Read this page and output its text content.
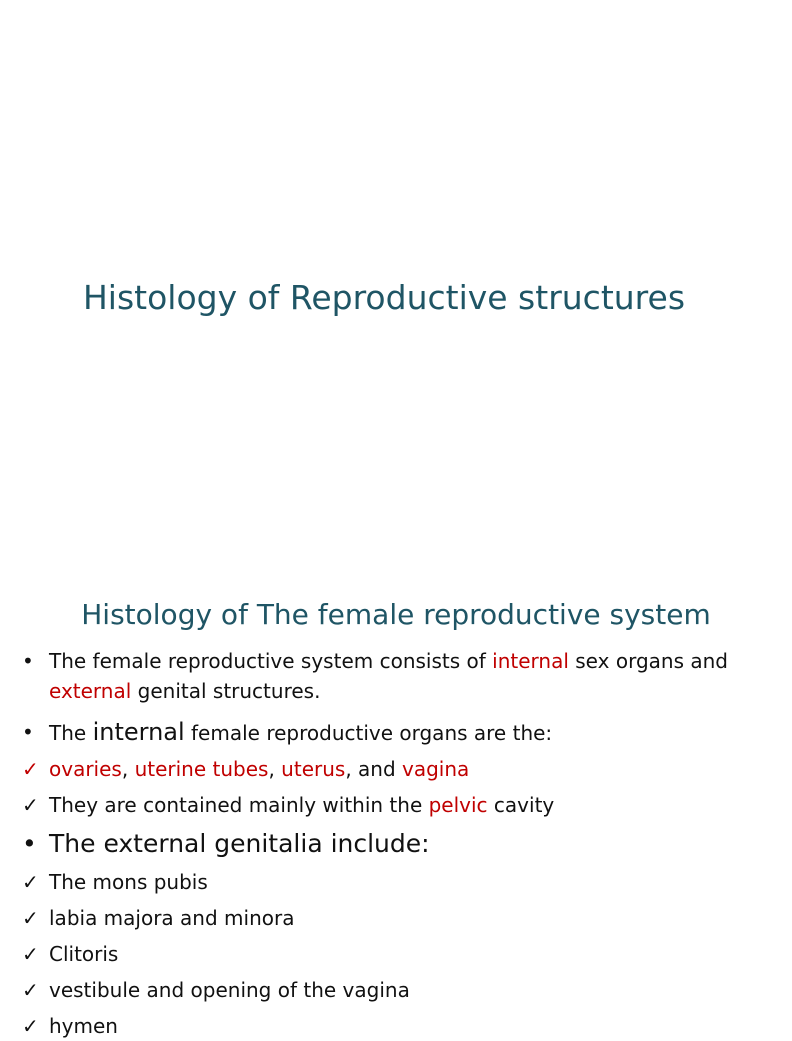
Histology of Reproductive structures
Histology of The female reproductive system
• The female reproductive system consists of internal sex organs and
external genital structures.
• The internal female reproductive organs are the:
✓ ovaries, uterine tubes, uterus, and vagina
✓ They are contained mainly within the pelvic cavity
• The external genitalia include:
✓ The mons pubis
✓ labia majora and minora
✓ Clitoris
✓ vestibule and opening of the vagina
✓ hymen
